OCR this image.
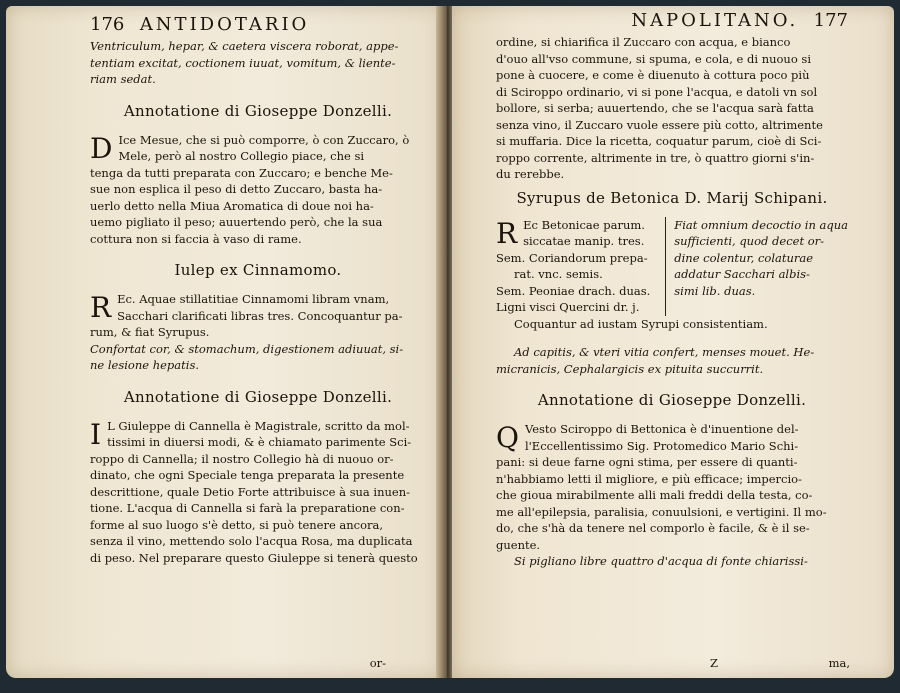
176 ANTIDOTARIO
Ventriculum, hepar, & caetera viscera roborat, appe-
tentiam excitat, coctionem iuuat, vomitum, & liente-
riam sedat.
Annotatione di Gioseppe Donzelli.
D Ice Mesue, che si può comporre, ò con Zuccaro, ò
Mele, però al nostro Collegio piace, che si
tenga da tutti preparata con Zuccaro; e benche Me-
sue non esplica il peso di detto Zuccaro, basta ha-
uerlo detto nella Miua Aromatica di doue noi ha-
uemo pigliato il peso; auuertendo però, che la sua
cottura non si faccia à vaso di rame.
Iulep ex Cinnamomo.
R Ec. Aquae stillatitiae Cinnamomi libram vnam,
Sacchari clarificati libras tres. Concoquantur pa-
rum, & fiat Syrupus.
Confortat cor, & stomachum, digestionem adiuuat, si-
ne lesione hepatis.
Annotatione di Gioseppe Donzelli.
I L Giuleppe di Cannella è Magistrale, scritto da mol-
tissimi in diuersi modi, & è chiamato parimente Sci-
roppo di Cannella; il nostro Collegio hà di nuouo or-
dinato, che ogni Speciale tenga preparata la presente
descrittione, quale Detio Forte attribuisce à sua inuen-
tione. L'acqua di Cannella si farà la preparatione con-
forme al suo luogo s'è detto, si può tenere ancora,
senza il vino, mettendo solo l'acqua Rosa, ma duplicata
di peso. Nel preparare questo Giuleppe si tenerà questo
or-
NAPOLITANO. 177
ordine, si chiarifica il Zuccaro con acqua, e bianco
d'ouo all'vso commune, si spuma, e cola, e di nuouo si
pone à cuocere, e come è diuenuto à cottura poco più
di Sciroppo ordinario, vi si pone l'acqua, e datoli vn sol
bollore, si serba; auuertendo, che se l'acqua sarà fatta
senza vino, il Zuccaro vuole essere più cotto, altrimente
si muffaria. Dice la ricetta, coquatur parum, cioè di Sci-
roppo corrente, altrimente in tre, ò quattro giorni s'in-
du rerebbe.
Syrupus de Betonica D. Marij Schipani.
R Ec Betonicae parum.
siccatae manip. tres.
Sem. Coriandorum prepa-
rat. vnc. semis.
Sem. Peoniae drach. duas.
Ligni visci Quercini dr. j.
Fiat omnium decoctio in aqua
sufficienti, quod decet or-
dine colentur, colaturae
addatur Sacchari albis-
simi lib. duas.
Coquantur ad iustam Syrupi consistentiam.
Ad capitis, & vteri vitia confert, menses mouet. He-
micranicis, Cephalargicis ex pituita succurrit.
Annotatione di Gioseppe Donzelli.
Q Vesto Sciroppo di Bettonica è d'inuentione del-
l'Eccellentissimo Sig. Protomedico Mario Schi-
pani: si deue farne ogni stima, per essere di quanti-
n'habbiamo letti il migliore, e più efficace; impercio-
che gioua mirabilmente alli mali freddi della testa, co-
me all'epilepsia, paralisia, conuulsioni, e vertigini. Il mo-
do, che s'hà da tenere nel comporlo è facile, & è il se-
guente.
Si pigliano libre quattro d'acqua di fonte chiarissi-
Z	ma,
